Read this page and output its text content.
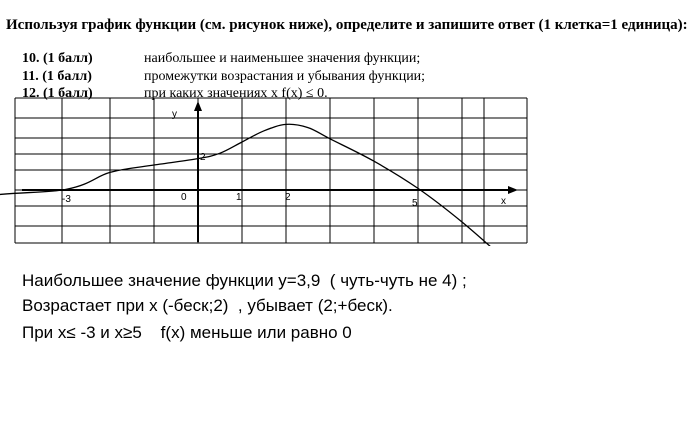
Используя график функции (см. рисунок ниже), определите и запишите ответ (1 клетка=1 единица):
10. (1 балл)	наибольшее и наименьшее значения функции;
11. (1 балл)	промежутки возрастания и убывания функции;
12. (1 балл)	при каких значениях x f(x) ≤ 0.
y
x
-3	0	1	2
5
2
Наибольшее значение функции y=3,9  ( чуть-чуть не 4) ;
Возрастает при x (-беск;2)  , убывает (2;+беск).
При x≤ -3 и x≥5    f(x) меньше или равно 0
